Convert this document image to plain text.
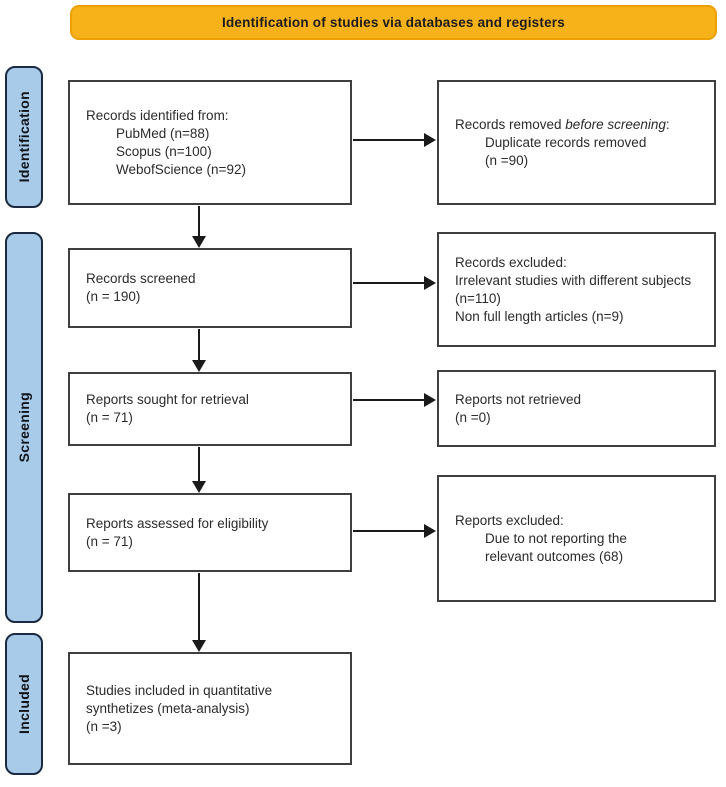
Identification of studies via databases and registers
Identification
Screening
Included
Records identified from:
PubMed (n=88)
Scopus (n=100)
WebofScience (n=92)
Records screened
(n = 190)
Reports sought for retrieval
(n = 71)
Reports assessed for eligibility
(n = 71)
Studies included in quantitative synthetizes (meta-analysis)
(n =3)
Records removed before screening:
Duplicate records removed
(n =90)
Records excluded:
Irrelevant studies with different subjects (n=110)
Non full length articles (n=9)
Reports not retrieved
(n =0)
Reports excluded:
Due to not reporting the
relevant outcomes (68)
